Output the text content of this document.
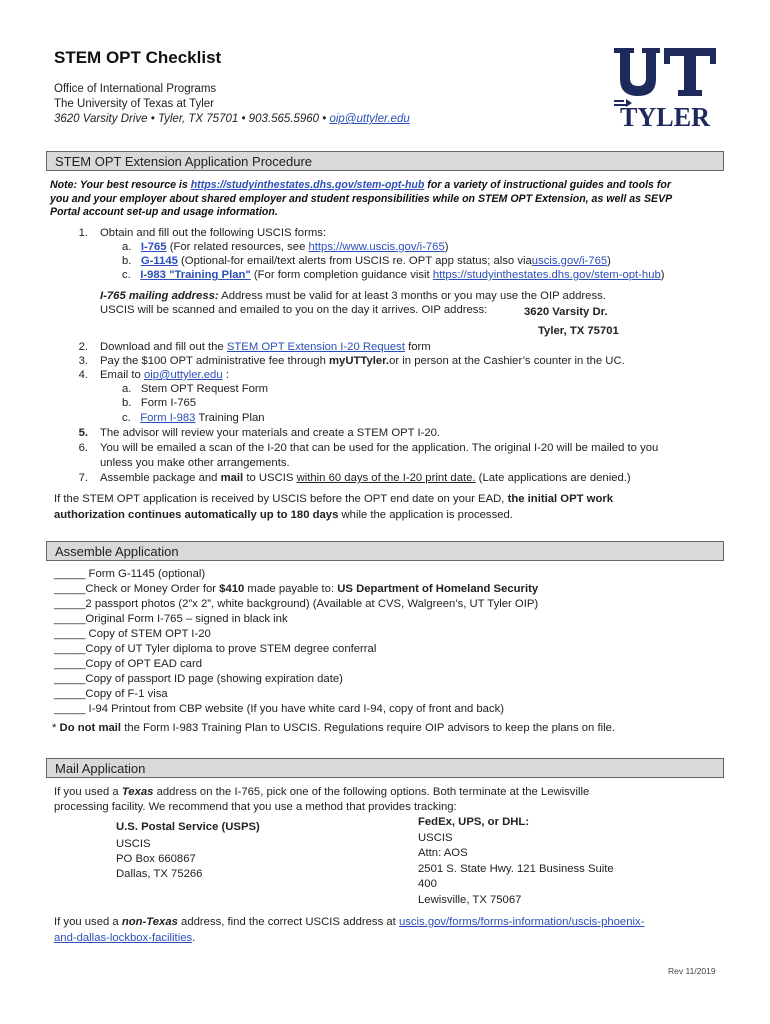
STEM OPT Checklist
Office of International Programs
The University of Texas at Tyler
3620 Varsity Drive • Tyler, TX 75701 • 903.565.5960 • oip@uttyler.edu	TYLER
STEM OPT Extension Application Procedure
Note: Your best resource is https://studyinthestates.dhs.gov/stem-opt-hub for a variety of instructional guides and tools for
you and your employer about shared employer and student responsibilities while on STEM OPT Extension, as well as SEVP
Portal account set-up and usage information.
1. Obtain and fill out the following USCIS forms:
a. I-765 (For related resources, see https://www.uscis.gov/i-765)
b. G-1145 (Optional-for email/text alerts from USCIS re. OPT app status; also viauscis.gov/i-765)
c. I-983 "Training Plan" (For form completion guidance visit https://studyinthestates.dhs.gov/stem-opt-hub)
I-765 mailing address: Address must be valid for at least 3 months or you may use the OIP address.
USCIS will be scanned and emailed to you on the day it arrives. OIP address:	3620 Varsity Dr.
Tyler, TX 75701
2. Download and fill out the STEM OPT Extension I-20 Request form
3. Pay the $100 OPT administrative fee through myUTTyler.or in person at the Cashier’s counter in the UC.
4. Email to oip@uttyler.edu :
a. Stem OPT Request Form
b. Form I-765
c. Form I-983 Training Plan
5. The advisor will review your materials and create a STEM OPT I-20.
6. You will be emailed a scan of the I-20 that can be used for the application. The original I-20 will be mailed to you
unless you make other arrangements.
7. Assemble package and mail to USCIS within 60 days of the I-20 print date. (Late applications are denied.)
If the STEM OPT application is received by USCIS before the OPT end date on your EAD, the initial OPT work
authorization continues automatically up to 180 days while the application is processed.
Assemble Application
_____ Form G-1145 (optional)
_____Check or Money Order for $410 made payable to: US Department of Homeland Security
_____2 passport photos (2”x 2”, white background) (Available at CVS, Walgreen’s, UT Tyler OIP)
_____Original Form I-765 – signed in black ink
_____ Copy of STEM OPT I-20
_____Copy of UT Tyler diploma to prove STEM degree conferral
_____Copy of OPT EAD card
_____Copy of passport ID page (showing expiration date)
_____Copy of F-1 visa
_____ I-94 Printout from CBP website (If you have white card I-94, copy of front and back)
* Do not mail the Form I-983 Training Plan to USCIS. Regulations require OIP advisors to keep the plans on file.
Mail Application
If you used a Texas address on the I-765, pick one of the following options. Both terminate at the Lewisville
processing facility. We recommend that you use a method that provides tracking:
U.S. Postal Service (USPS)
USCIS
PO Box 660867
Dallas, TX 75266
FedEx, UPS, or DHL:
USCIS
Attn: AOS
2501 S. State Hwy. 121 Business Suite
400
Lewisville, TX 75067
If you used a non-Texas address, find the correct USCIS address at uscis.gov/forms/forms-information/uscis-phoenix-
and-dallas-lockbox-facilities.
Rev 11/2019
